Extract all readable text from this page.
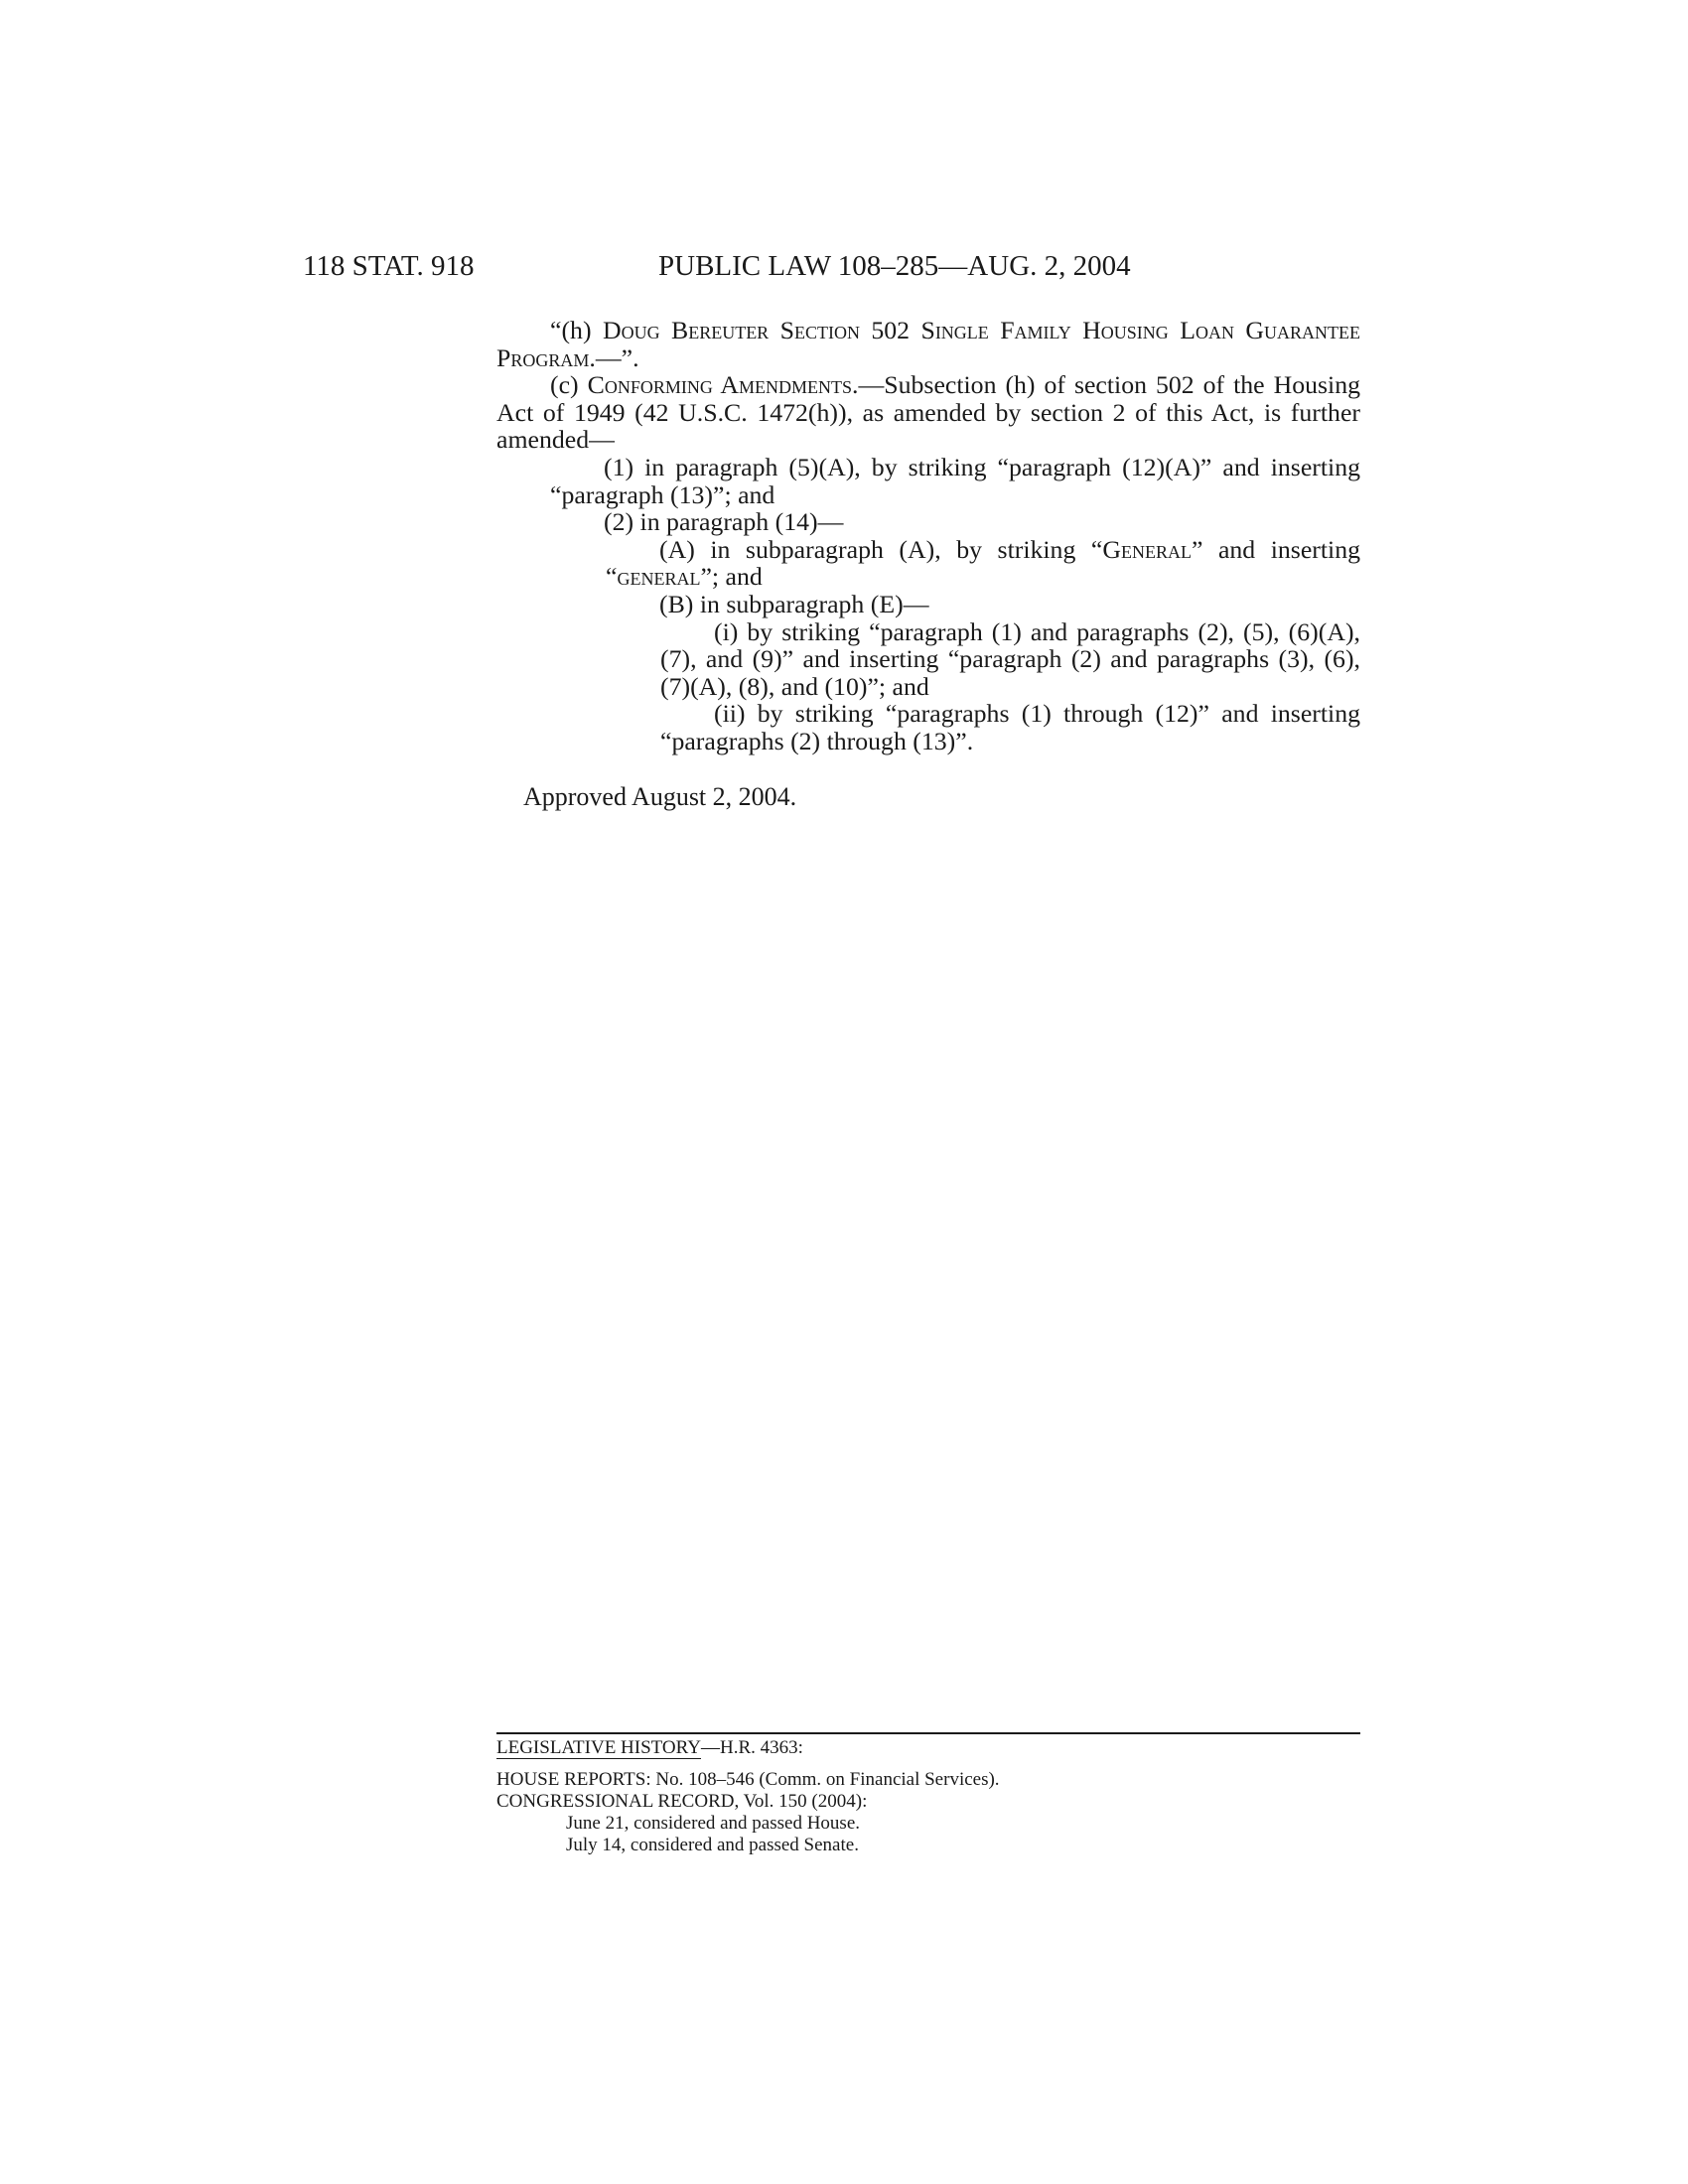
118 STAT. 918	PUBLIC LAW 108–285—AUG. 2, 2004

“(h) Doug Bereuter Section 502 Single Family Housing Loan Guarantee Program.—”.

(c) Conforming Amendments.—Subsection (h) of section 502 of the Housing Act of 1949 (42 U.S.C. 1472(h)), as amended by section 2 of this Act, is further amended—

(1) in paragraph (5)(A), by striking “paragraph (12)(A)” and inserting “paragraph (13)”; and

(2) in paragraph (14)—

(A) in subparagraph (A), by striking “General” and inserting “general”; and

(B) in subparagraph (E)—

(i) by striking “paragraph (1) and paragraphs (2), (5), (6)(A), (7), and (9)” and inserting “paragraph (2) and paragraphs (3), (6), (7)(A), (8), and (10)”; and

(ii) by striking “paragraphs (1) through (12)” and inserting “paragraphs (2) through (13)”.

Approved August 2, 2004.
LEGISLATIVE HISTORY—H.R. 4363:
HOUSE REPORTS: No. 108–546 (Comm. on Financial Services).
CONGRESSIONAL RECORD, Vol. 150 (2004):
June 21, considered and passed House.
July 14, considered and passed Senate.
